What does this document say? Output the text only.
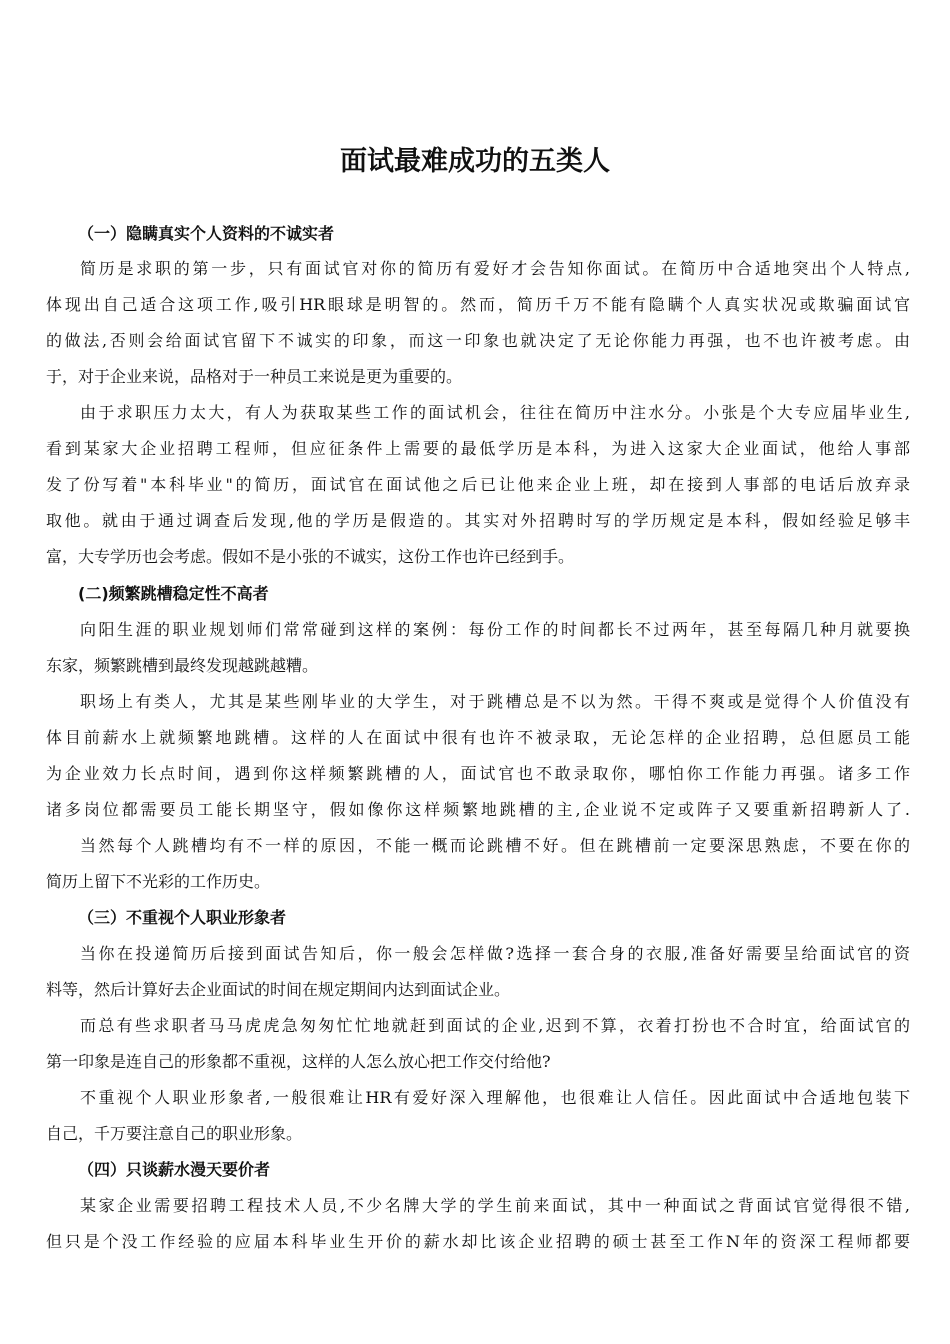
面试最难成功的五类人
（一）隐瞒真实个人资料的不诚实者
简历是求职的第一步，只有面试官对你的简历有爱好才会告知你面试。在简历中合适地突出个人特点,
体现出自己适合这项工作,吸引HR眼球是明智的。然而，简历千万不能有隐瞒个人真实状况或欺骗面试官
的做法,否则会给面试官留下不诚实的印象，而这一印象也就决定了无论你能力再强，也不也许被考虑。由
于，对于企业来说，品格对于一种员工来说是更为重要的。
由于求职压力太大，有人为获取某些工作的面试机会，往往在简历中注水分。小张是个大专应届毕业生,
看到某家大企业招聘工程师，但应征条件上需要的最低学历是本科，为进入这家大企业面试，他给人事部
发了份写着"本科毕业"的简历，面试官在面试他之后已让他来企业上班，却在接到人事部的电话后放弃录
取他。就由于通过调查后发现,他的学历是假造的。其实对外招聘时写的学历规定是本科，假如经验足够丰
富，大专学历也会考虑。假如不是小张的不诚实，这份工作也许已经到手。
(二)频繁跳槽稳定性不高者
向阳生涯的职业规划师们常常碰到这样的案例：每份工作的时间都长不过两年，甚至每隔几种月就要换
东家，频繁跳槽到最终发现越跳越糟。
职场上有类人，尤其是某些刚毕业的大学生，对于跳槽总是不以为然。干得不爽或是觉得个人价值没有
体目前薪水上就频繁地跳槽。这样的人在面试中很有也许不被录取，无论怎样的企业招聘，总但愿员工能
为企业效力长点时间，遇到你这样频繁跳槽的人，面试官也不敢录取你，哪怕你工作能力再强。诸多工作
诸多岗位都需要员工能长期坚守，假如像你这样频繁地跳槽的主,企业说不定或阵子又要重新招聘新人了.
当然每个人跳槽均有不一样的原因，不能一概而论跳槽不好。但在跳槽前一定要深思熟虑，不要在你的
简历上留下不光彩的工作历史。
（三）不重视个人职业形象者
当你在投递简历后接到面试告知后，你一般会怎样做?选择一套合身的衣服,准备好需要呈给面试官的资
料等，然后计算好去企业面试的时间在规定期间内达到面试企业。
而总有些求职者马马虎虎急匆匆忙忙地就赶到面试的企业,迟到不算，衣着打扮也不合时宜，给面试官的
第一印象是连自己的形象都不重视，这样的人怎么放心把工作交付给他?
不重视个人职业形象者,一般很难让HR有爱好深入理解他，也很难让人信任。因此面试中合适地包装下
自己，千万要注意自己的职业形象。
（四）只谈薪水漫天要价者
某家企业需要招聘工程技术人员,不少名牌大学的学生前来面试，其中一种面试之背面试官觉得很不错,
但只是个没工作经验的应届本科毕业生开价的薪水却比该企业招聘的硕士甚至工作N年的资深工程师都要
